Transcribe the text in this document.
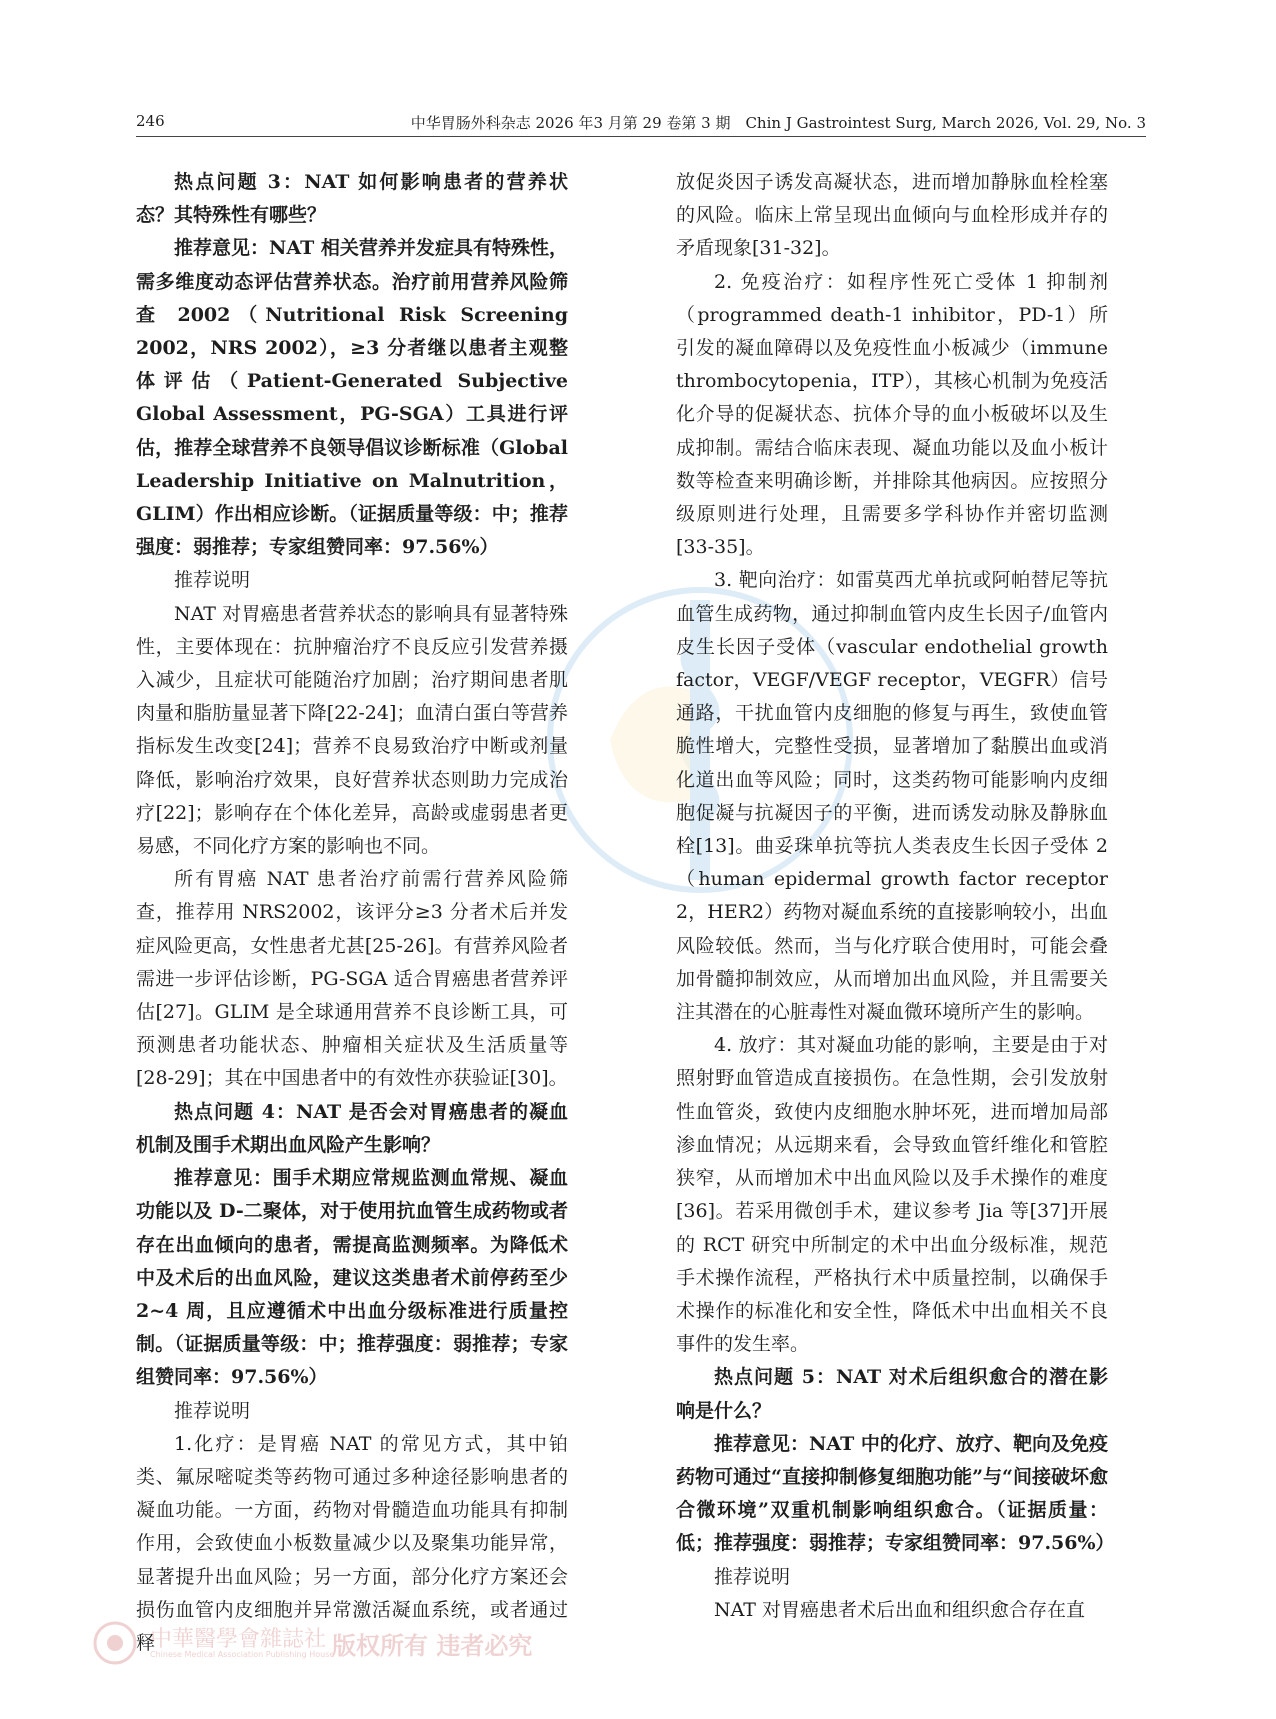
246	中华胃肠外科杂志 2026 年3 月第 29 卷第 3 期　Chin J Gastrointest Surg, March 2026, Vol. 29, No. 3

热点问题 3：NAT 如何影响患者的营养状态？其特殊性有哪些？

推荐意见：NAT 相关营养并发症具有特殊性，需多维度动态评估营养状态。治疗前用营养风险筛查 2002（Nutritional Risk Screening 2002，NRS 2002），≥3 分者继以患者主观整体评估（Patient-Generated Subjective Global Assessment，PG-SGA）工具进行评估，推荐全球营养不良领导倡议诊断标准（Global Leadership Initiative on Malnutrition，GLIM）作出相应诊断。（证据质量等级：中；推荐强度：弱推荐；专家组赞同率：97.56%）

推荐说明

NAT 对胃癌患者营养状态的影响具有显著特殊性，主要体现在：抗肿瘤治疗不良反应引发营养摄入减少，且症状可能随治疗加剧；治疗期间患者肌肉量和脂肪量显著下降[22-24]；血清白蛋白等营养指标发生改变[24]；营养不良易致治疗中断或剂量降低，影响治疗效果，良好营养状态则助力完成治疗[22]；影响存在个体化差异，高龄或虚弱患者更易感，不同化疗方案的影响也不同。

所有胃癌 NAT 患者治疗前需行营养风险筛查，推荐用 NRS2002，该评分≥3 分者术后并发症风险更高，女性患者尤甚[25-26]。有营养风险者需进一步评估诊断，PG-SGA 适合胃癌患者营养评估[27]。GLIM 是全球通用营养不良诊断工具，可预测患者功能状态、肿瘤相关症状及生活质量等[28-29]；其在中国患者中的有效性亦获验证[30]。

热点问题 4：NAT 是否会对胃癌患者的凝血机制及围手术期出血风险产生影响？

推荐意见：围手术期应常规监测血常规、凝血功能以及 D-二聚体，对于使用抗血管生成药物或者存在出血倾向的患者，需提高监测频率。为降低术中及术后的出血风险，建议这类患者术前停药至少 2~4 周，且应遵循术中出血分级标准进行质量控制。（证据质量等级：中；推荐强度：弱推荐；专家组赞同率：97.56%）

推荐说明

1.化疗：是胃癌 NAT 的常见方式，其中铂类、氟尿嘧啶类等药物可通过多种途径影响患者的凝血功能。一方面，药物对骨髓造血功能具有抑制作用，会致使血小板数量减少以及聚集功能异常，显著提升出血风险；另一方面，部分化疗方案还会损伤血管内皮细胞并异常激活凝血系统，或者通过释

放促炎因子诱发高凝状态，进而增加静脉血栓栓塞的风险。临床上常呈现出血倾向与血栓形成并存的矛盾现象[31-32]。

2. 免疫治疗：如程序性死亡受体 1 抑制剂（programmed death-1 inhibitor，PD-1）所引发的凝血障碍以及免疫性血小板减少（immune thrombocytopenia，ITP），其核心机制为免疫活化介导的促凝状态、抗体介导的血小板破坏以及生成抑制。需结合临床表现、凝血功能以及血小板计数等检查来明确诊断，并排除其他病因。应按照分级原则进行处理，且需要多学科协作并密切监测[33-35]。

3. 靶向治疗：如雷莫西尤单抗或阿帕替尼等抗血管生成药物，通过抑制血管内皮生长因子/血管内皮生长因子受体（vascular endothelial growth factor，VEGF/VEGF receptor，VEGFR）信号通路，干扰血管内皮细胞的修复与再生，致使血管脆性增大，完整性受损，显著增加了黏膜出血或消化道出血等风险；同时，这类药物可能影响内皮细胞促凝与抗凝因子的平衡，进而诱发动脉及静脉血栓[13]。曲妥珠单抗等抗人类表皮生长因子受体 2（human epidermal growth factor receptor 2，HER2）药物对凝血系统的直接影响较小，出血风险较低。然而，当与化疗联合使用时，可能会叠加骨髓抑制效应，从而增加出血风险，并且需要关注其潜在的心脏毒性对凝血微环境所产生的影响。

4. 放疗：其对凝血功能的影响，主要是由于对照射野血管造成直接损伤。在急性期，会引发放射性血管炎，致使内皮细胞水肿坏死，进而增加局部渗血情况；从远期来看，会导致血管纤维化和管腔狭窄，从而增加术中出血风险以及手术操作的难度[36]。若采用微创手术，建议参考 Jia 等[37]开展的 RCT 研究中所制定的术中出血分级标准，规范手术操作流程，严格执行术中质量控制，以确保手术操作的标准化和安全性，降低术中出血相关不良事件的发生率。

热点问题 5：NAT 对术后组织愈合的潜在影响是什么？

推荐意见：NAT 中的化疗、放疗、靶向及免疫药物可通过“直接抑制修复细胞功能”与“间接破坏愈合微环境”双重机制影响组织愈合。（证据质量：低；推荐强度：弱推荐；专家组赞同率：97.56%）

推荐说明

NAT 对胃癌患者术后出血和组织愈合存在直

中華醫學會雜誌社
Chinese Medical Association Publishing House
版权所有 违者必究
